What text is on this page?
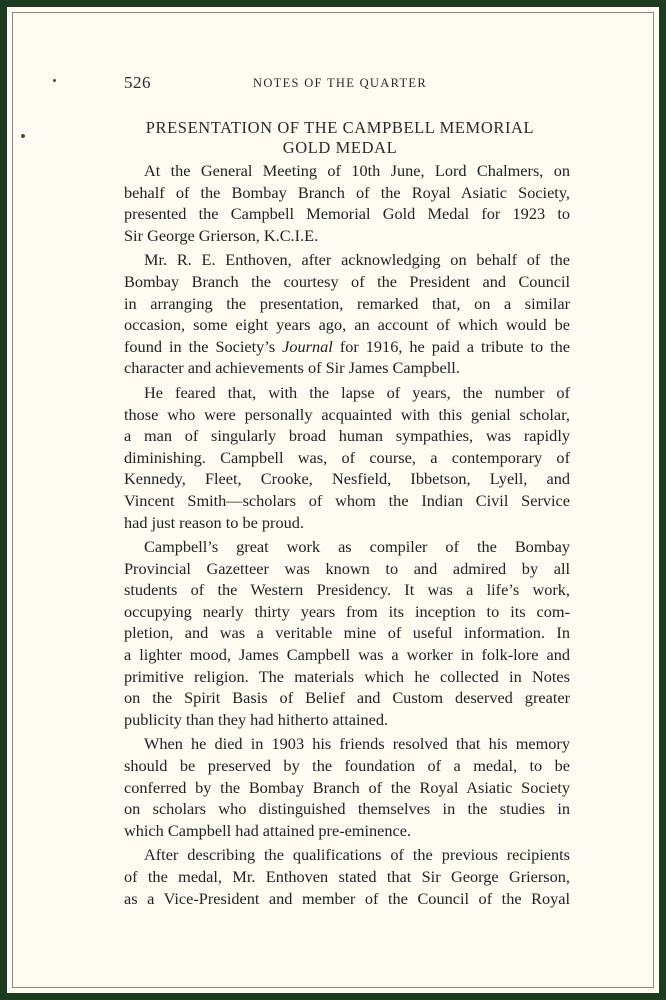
526	NOTES OF THE QUARTER
PRESENTATION OF THE CAMPBELL MEMORIAL
GOLD MEDAL
At the General Meeting of 10th June, Lord Chalmers, on
behalf of the Bombay Branch of the Royal Asiatic Society,
presented the Campbell Memorial Gold Medal for 1923 to
Sir George Grierson, K.C.I.E.
Mr. R. E. Enthoven, after acknowledging on behalf of the
Bombay Branch the courtesy of the President and Council
in arranging the presentation, remarked that, on a similar
occasion, some eight years ago, an account of which would be
found in the Society’s Journal for 1916, he paid a tribute to the
character and achievements of Sir James Campbell.
He feared that, with the lapse of years, the number of
those who were personally acquainted with this genial scholar,
a man of singularly broad human sympathies, was rapidly
diminishing. Campbell was, of course, a contemporary of
Kennedy, Fleet, Crooke, Nesfield, Ibbetson, Lyell, and
Vincent Smith—scholars of whom the Indian Civil Service
had just reason to be proud.
Campbell’s great work as compiler of the Bombay
Provincial Gazetteer was known to and admired by all
students of the Western Presidency. It was a life’s work,
occupying nearly thirty years from its inception to its com-
pletion, and was a veritable mine of useful information. In
a lighter mood, James Campbell was a worker in folk-lore and
primitive religion. The materials which he collected in Notes
on the Spirit Basis of Belief and Custom deserved greater
publicity than they had hitherto attained.
When he died in 1903 his friends resolved that his memory
should be preserved by the foundation of a medal, to be
conferred by the Bombay Branch of the Royal Asiatic Society
on scholars who distinguished themselves in the studies in
which Campbell had attained pre-eminence.
After describing the qualifications of the previous recipients
of the medal, Mr. Enthoven stated that Sir George Grierson,
as a Vice-President and member of the Council of the Royal
